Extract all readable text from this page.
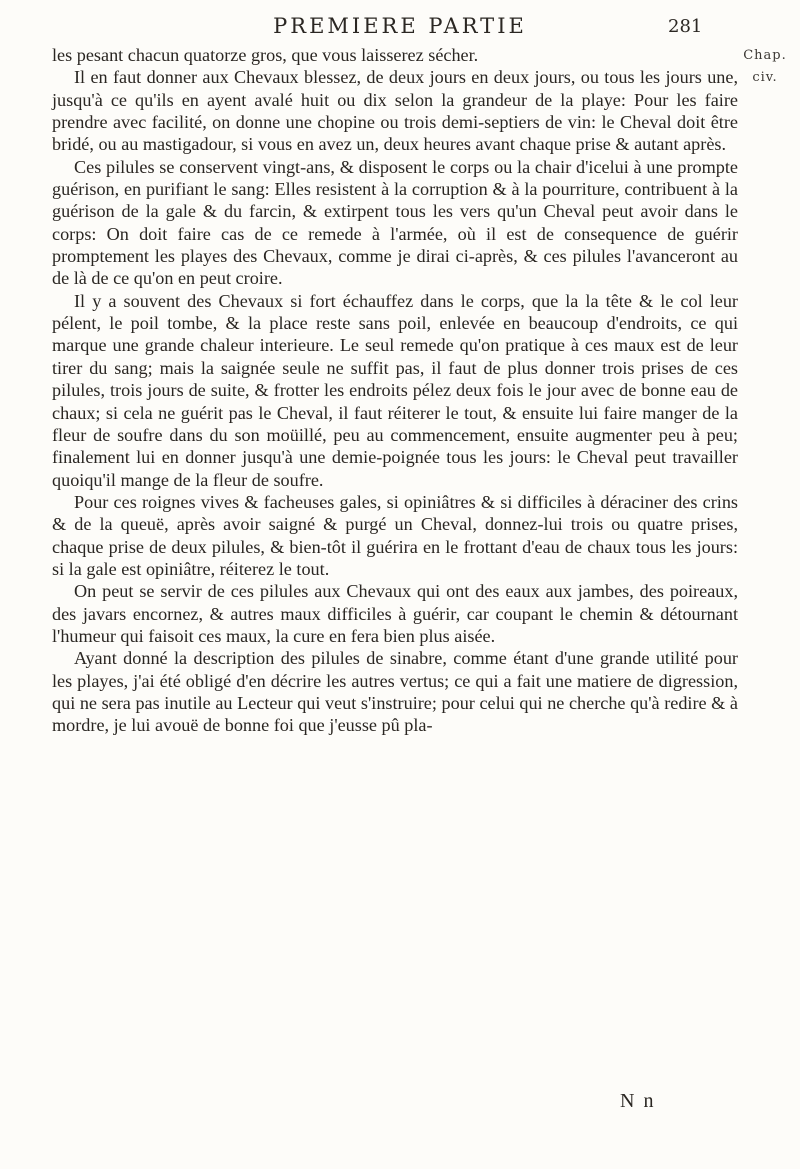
PREMIERE PARTIE	281
Chap.
civ.

les pesant chacun quatorze gros, que vous laisserez sécher.

Il en faut donner aux Chevaux blessez, de deux jours en deux jours, ou tous les jours une, jusqu'à ce qu'ils en ayent avalé huit ou dix selon la grandeur de la playe: Pour les faire prendre avec facilité, on donne une chopine ou trois demi-septiers de vin: le Cheval doit être bridé, ou au mastigadour, si vous en avez un, deux heures avant chaque prise & autant après.

Ces pilules se conservent vingt-ans, & disposent le corps ou la chair d'icelui à une prompte guérison, en purifiant le sang: Elles resistent à la corruption & à la pourriture, contribuent à la guérison de la gale & du farcin, & extirpent tous les vers qu'un Cheval peut avoir dans le corps: On doit faire cas de ce remede à l'armée, où il est de consequence de guérir promptement les playes des Chevaux, comme je dirai ci-après, & ces pilules l'avanceront au de là de ce qu'on en peut croire.

Il y a souvent des Chevaux si fort échauffez dans le corps, que la la tête & le col leur pélent, le poil tombe, & la place reste sans poil, enlevée en beaucoup d'endroits, ce qui marque une grande chaleur interieure. Le seul remede qu'on pratique à ces maux est de leur tirer du sang; mais la saignée seule ne suffit pas, il faut de plus donner trois prises de ces pilules, trois jours de suite, & frotter les endroits pélez deux fois le jour avec de bonne eau de chaux; si cela ne guérit pas le Cheval, il faut réiterer le tout, & ensuite lui faire manger de la fleur de soufre dans du son moüillé, peu au commencement, ensuite augmenter peu à peu; finalement lui en donner jusqu'à une demie-poignée tous les jours: le Cheval peut travailler quoiqu'il mange de la fleur de soufre.

Pour ces roignes vives & facheuses gales, si opiniâtres & si difficiles à déraciner des crins & de la queuë, après avoir saigné & purgé un Cheval, donnez-lui trois ou quatre prises, chaque prise de deux pilules, & bien-tôt il guérira en le frottant d'eau de chaux tous les jours: si la gale est opiniâtre, réiterez le tout.

On peut se servir de ces pilules aux Chevaux qui ont des eaux aux jambes, des poireaux, des javars encornez, & autres maux difficiles à guérir, car coupant le chemin & détournant l'humeur qui faisoit ces maux, la cure en fera bien plus aisée.

Ayant donné la description des pilules de sinabre, comme étant d'une grande utilité pour les playes, j'ai été obligé d'en décrire les autres vertus; ce qui a fait une matiere de digression, qui ne sera pas inutile au Lecteur qui veut s'instruire; pour celui qui ne cherche qu'à redire & à mordre, je lui avouë de bonne foi que j'eusse pû pla-

N n
